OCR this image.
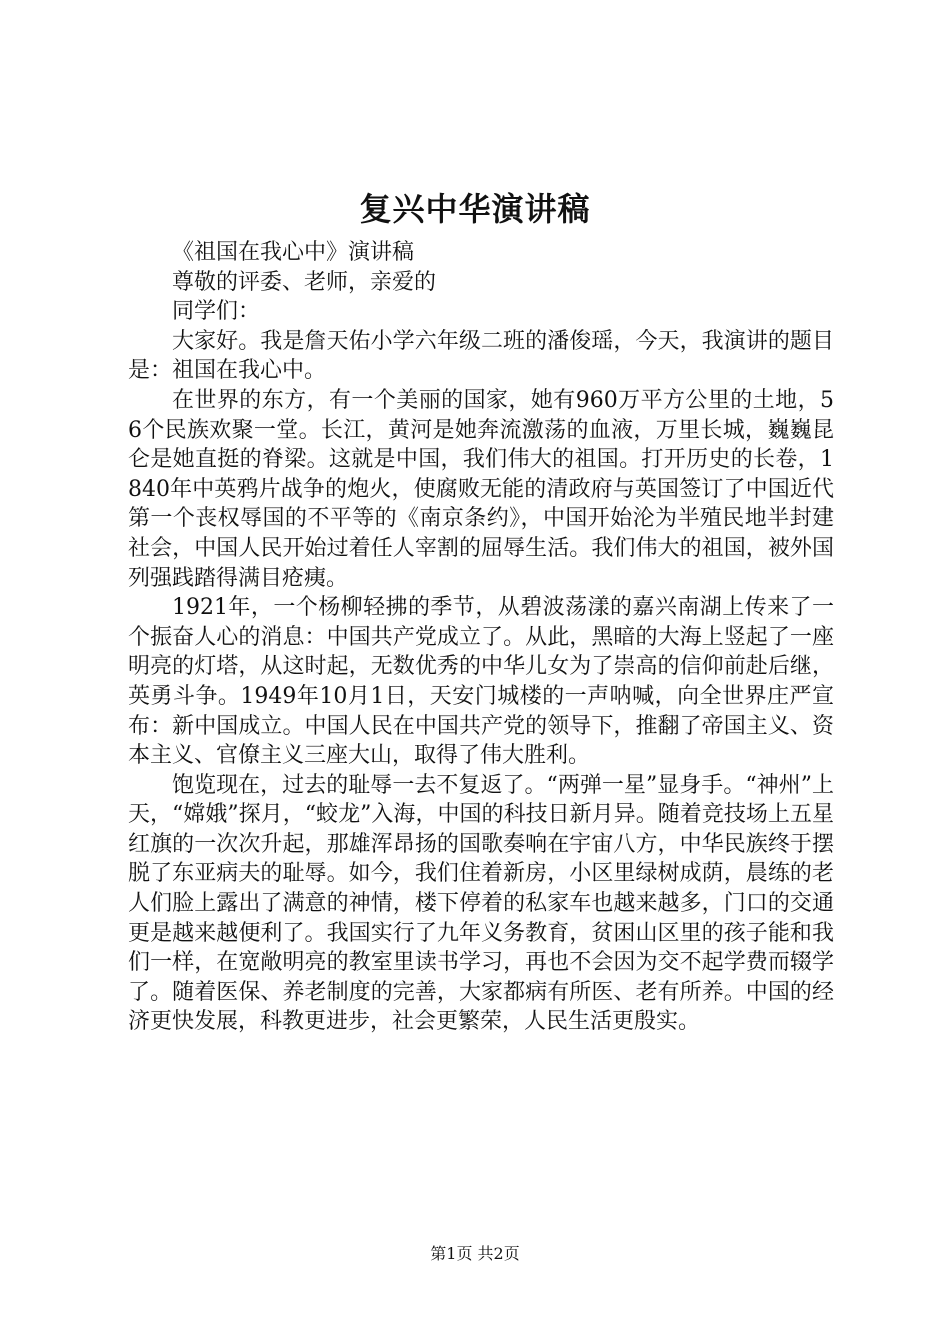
复兴中华演讲稿

《祖国在我心中》演讲稿

尊敬的评委、老师，亲爱的

同学们：

大家好。我是詹天佑小学六年级二班的潘俊瑶，今天，我演讲的题目是：祖国在我心中。

在世界的东方，有一个美丽的国家，她有960万平方公里的土地，56个民族欢聚一堂。长江，黄河是她奔流激荡的血液，万里长城，巍巍昆仑是她直挺的脊梁。这就是中国，我们伟大的祖国。打开历史的长卷，1840年中英鸦片战争的炮火，使腐败无能的清政府与英国签订了中国近代第一个丧权辱国的不平等的《南京条约》，中国开始沦为半殖民地半封建社会，中国人民开始过着任人宰割的屈辱生活。我们伟大的祖国，被外国列强践踏得满目疮痍。

1921年，一个杨柳轻拂的季节，从碧波荡漾的嘉兴南湖上传来了一个振奋人心的消息：中国共产党成立了。从此，黑暗的大海上竖起了一座明亮的灯塔，从这时起，无数优秀的中华儿女为了崇高的信仰前赴后继，英勇斗争。1949年10月1日，天安门城楼的一声呐喊，向全世界庄严宣布：新中国成立。中国人民在中国共产党的领导下，推翻了帝国主义、资本主义、官僚主义三座大山，取得了伟大胜利。

饱览现在，过去的耻辱一去不复返了。“两弹一星”显身手。“神州”上天，“嫦娥”探月，“蛟龙”入海，中国的科技日新月异。随着竞技场上五星红旗的一次次升起，那雄浑昂扬的国歌奏响在宇宙八方，中华民族终于摆脱了东亚病夫的耻辱。如今，我们住着新房，小区里绿树成荫，晨练的老人们脸上露出了满意的神情，楼下停着的私家车也越来越多，门口的交通更是越来越便利了。我国实行了九年义务教育，贫困山区里的孩子能和我们一样，在宽敞明亮的教室里读书学习，再也不会因为交不起学费而辍学了。随着医保、养老制度的完善，大家都病有所医、老有所养。中国的经济更快发展，科教更进步，社会更繁荣，人民生活更殷实。

第1页 共2页
